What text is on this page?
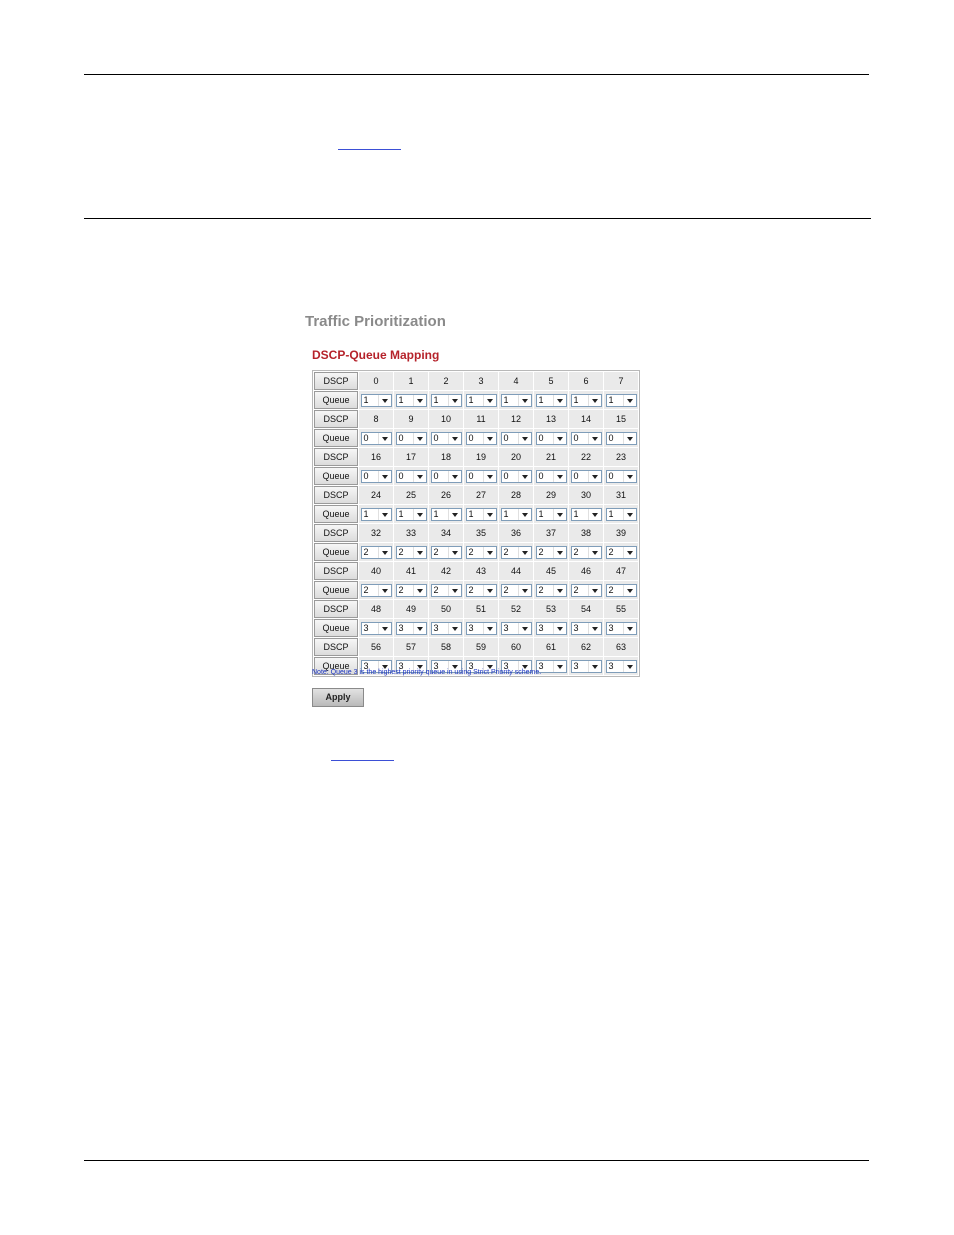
Traffic Prioritization
DSCP-Queue Mapping
DSCP	0	1	2	3	4	5	6	7
Queue	1	1	1	1	1	1	1	1

DSCP	8	9	10	11	12	13	14	15
Queue	0	0	0	0	0	0	0	0

DSCP	16	17	18	19	20	21	22	23
Queue	0	0	0	0	0	0	0	0

DSCP	24	25	26	27	28	29	30	31
Queue	1	1	1	1	1	1	1	1

DSCP	32	33	34	35	36	37	38	39
Queue	2	2	2	2	2	2	2	2

DSCP	40	41	42	43	44	45	46	47
Queue	2	2	2	2	2	2	2	2

DSCP	48	49	50	51	52	53	54	55
Queue	3	3	3	3	3	3	3	3

DSCP	56	57	58	59	60	61	62	63
Queue	3	3	3	3	3	3	3	3
Note: Queue 3 is the highest priority queue in using Strict Priority scheme.
Apply
